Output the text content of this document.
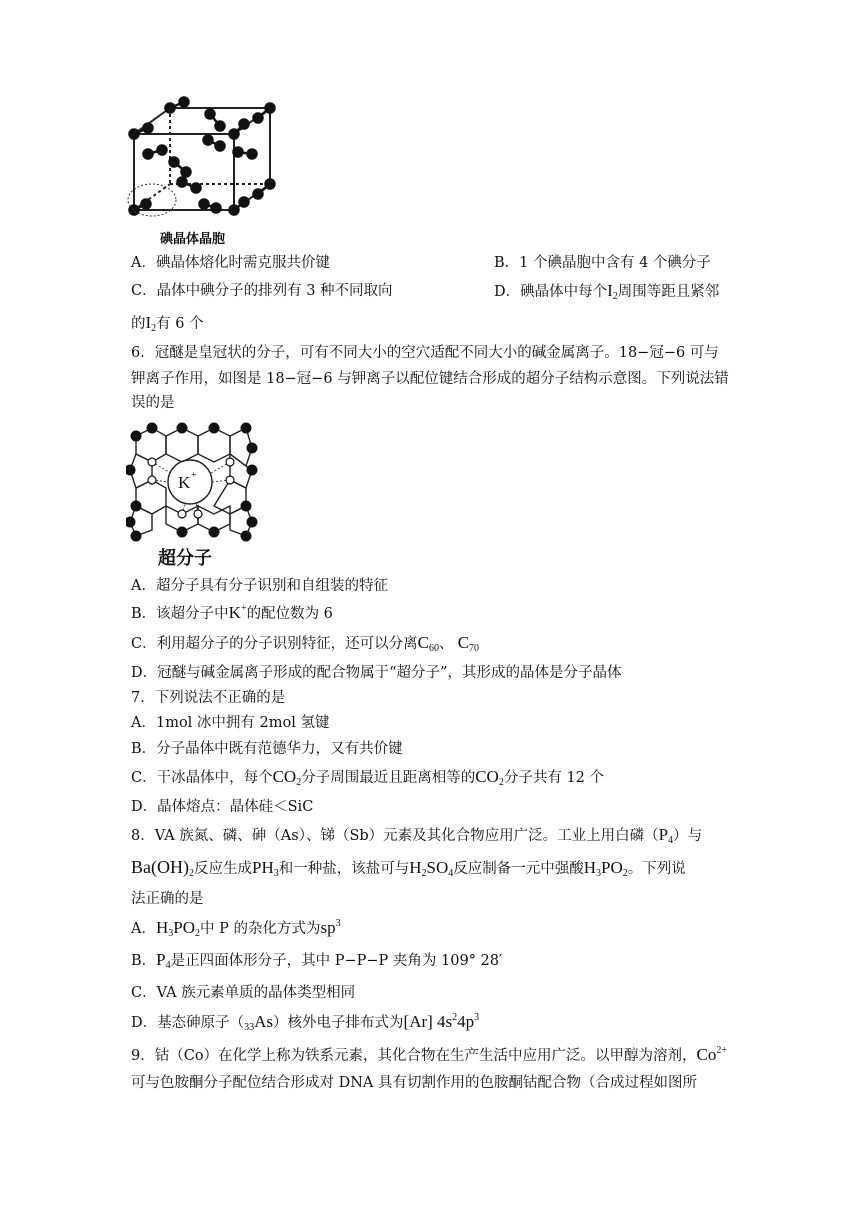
碘晶体晶胞
A．碘晶体熔化时需克服共价键	B．1 个碘晶胞中含有 4 个碘分子
C．晶体中碘分子的排列有 3 种不同取向	D．碘晶体中每个$I_2$周围等距且紧邻
的$I_2$有 6 个
6．冠醚是皇冠状的分子，可有不同大小的空穴适配不同大小的碱金属离子。18−冠−6 可与
钾离子作用，如图是 18−冠−6 与钾离子以配位键结合形成的超分子结构示意图。下列说法错
误的是
K +
超分子
A．超分子具有分子识别和自组装的特征
B．该超分子中K+的配位数为 6
C．利用超分子的分子识别特征，还可以分离$C_{60}$、 $C_{70}$
D．冠醚与碱金属离子形成的配合物属于“超分子”，其形成的晶体是分子晶体
7．下列说法不正确的是
A．1mol 冰中拥有 2mol 氢键
B．分子晶体中既有范德华力，又有共价键
C．干冰晶体中，每个$CO_2$分子周围最近且距离相等的$CO_2$分子共有 12 个
D．晶体熔点：晶体硅＜SiC
8．VA 族氮、磷、砷（As）、锑（Sb）元素及其化合物应用广泛。工业上用白磷$(P_4)$与
$Ba(OH)_2$反应生成$PH_3$和一种盐，该盐可与$H_2SO_4$反应制备一元中强酸$H_3PO_2$。下列说
法正确的是
A．$H_3PO_2$中 P 的杂化方式为$sp^3$
B．$P_4$是正四面体形分子，其中 P−P−P 夹角为 109° 28′
C．VA 族元素单质的晶体类型相同
D．基态砷原子$(_{33}As)$核外电子排布式为[Ar] $4s^24p^3$
9．钴（Co）在化学上称为铁系元素，其化合物在生产生活中应用广泛。以甲醇为溶剂，$Co^{2+}$
可与色胺酮分子配位结合形成对 DNA 具有切割作用的色胺酮钴配合物（合成过程如图所
